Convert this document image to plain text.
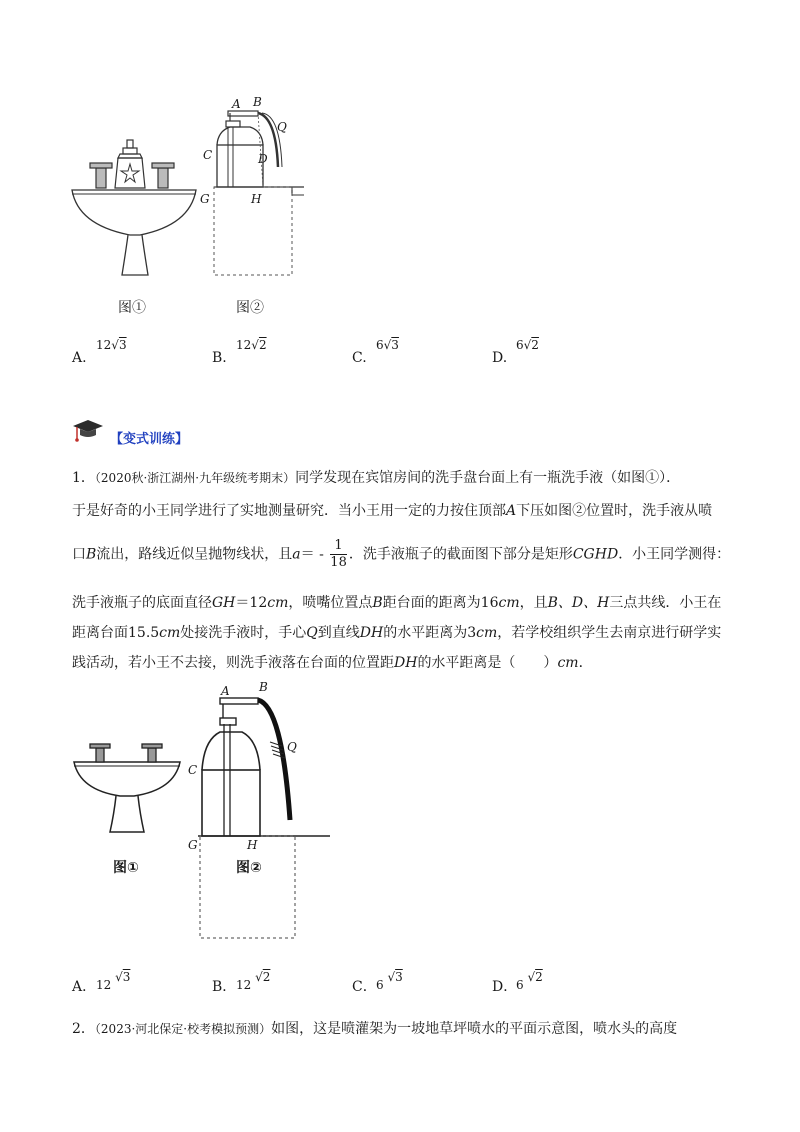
A B
Q
C	D
G	H
图①	图②
A.
12√3
B.
12√2
C.
6√3
D.
6√2
【变式训练】
1．（2020秋·浙江湖州·九年级统考期末）同学发现在宾馆房间的洗手盘台面上有一瓶洗手液（如图①）．
于是好奇的小王同学进行了实地测量研究．当小王用一定的力按住顶部A下压如图②位置时，洗手液从喷
口B流出，路线近似呈抛物线状，且$a= - \frac{1}{18}$ ．洗手液瓶子的截面图下部分是矩形CGHD．小王同学测得：
洗手液瓶子的底面直径GH＝12cm，喷嘴位置点B距台面的距离为16cm，且B、D、H三点共线．小王在
距离台面15.5cm处接洗手液时，手心Q到直线DH的水平距离为3cm，若学校组织学生去南京进行研学实
践活动，若小王不去接，则洗手液落在台面的位置距DH的水平距离是（　　）cm．
图①
A B
Q
C
G	H
图②
A． 12 √3
B． 12 √2
C． 6 √3
D．
6 √2
2．（2023·河北保定·校考模拟预测）如图，这是喷灌架为一坡地草坪喷水的平面示意图，喷水头的高度
